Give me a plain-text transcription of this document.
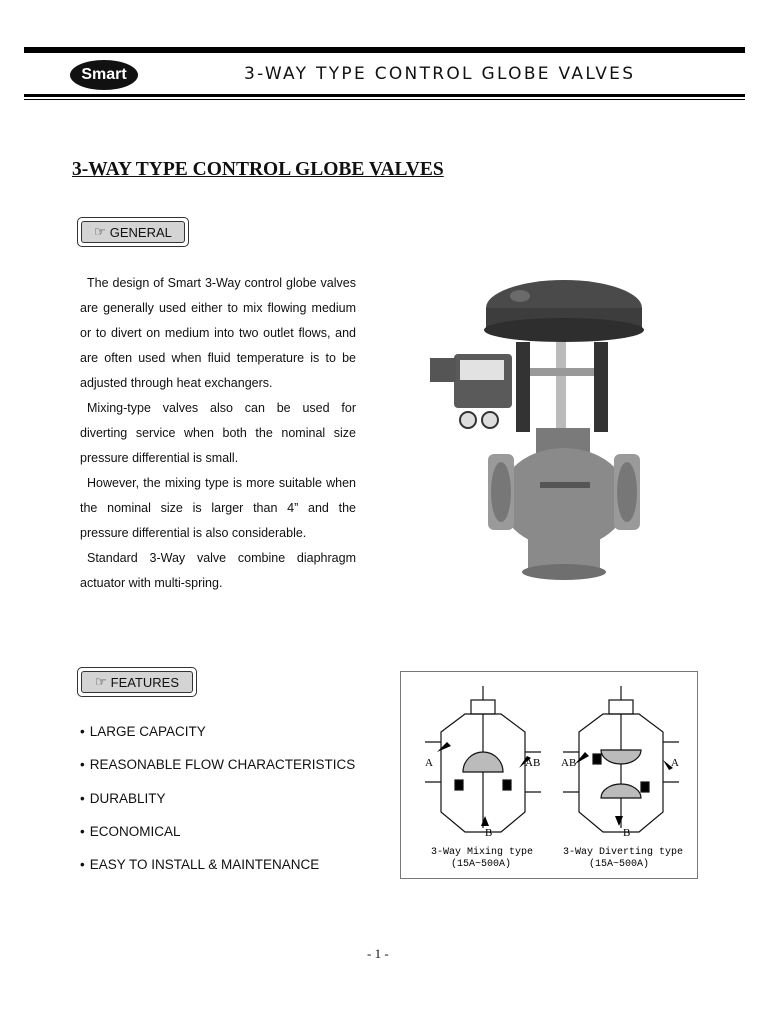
Smart	3-WAY TYPE CONTROL GLOBE VALVES
3-WAY TYPE CONTROL GLOBE VALVES
☞ GENERAL

The design of Smart 3-Way control globe valves are generally used either to mix flowing medium or to divert on medium into two outlet flows, and are often used when fluid temperature is to be adjusted through heat exchangers.

Mixing-type valves also can be used for diverting service when both the nominal size pressure differential is small.

However, the mixing type is more suitable when the nominal size is larger than 4” and the pressure differential is also considerable.

Standard 3-Way valve combine diaphragm actuator with multi-spring.

☞ FEATURES
• LARGE CAPACITY
• REASONABLE FLOW CHARACTERISTICS
• DURABLITY
• ECONOMICAL
• EASY TO INSTALL & MAINTENANCE
A	AB
B
3-Way Mixing type
(15A~500A)
AB	A
B
3-Way Diverting type
(15A~500A)
- 1 -
